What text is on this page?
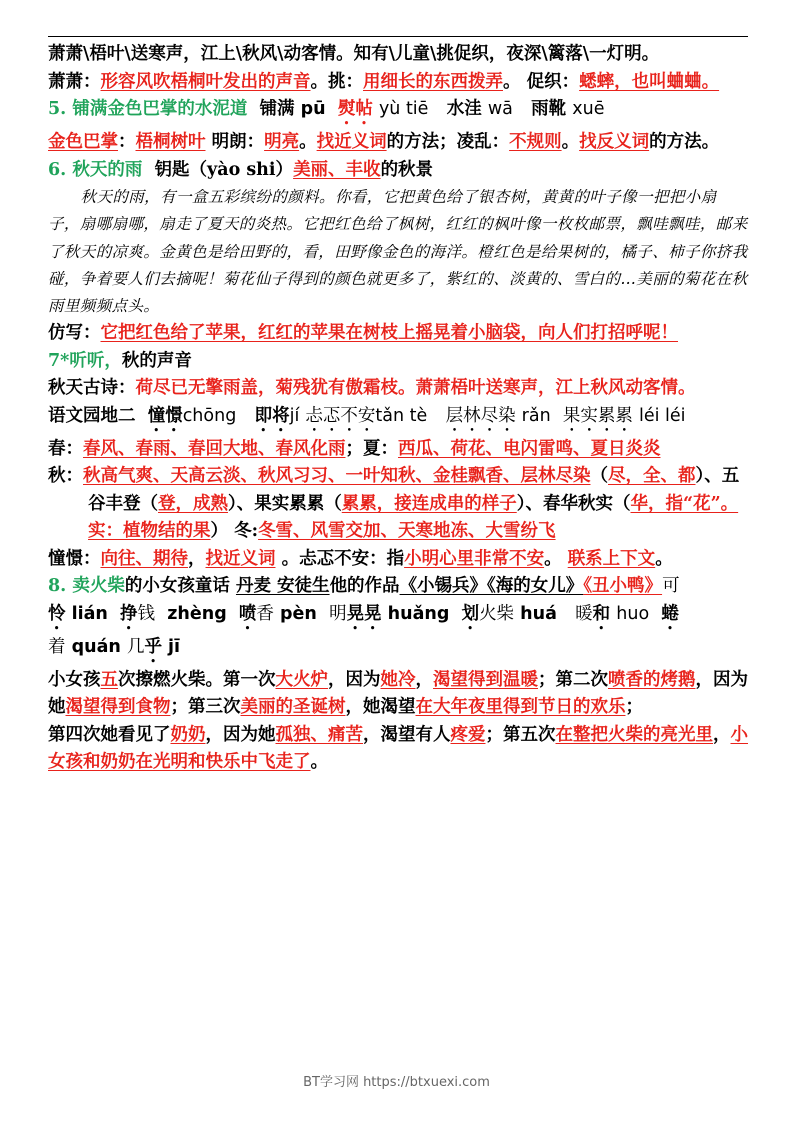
萧萧\梧叶\送寒声，江上\秋风\动客情。知有\儿童\挑促织，夜深\篱落\一灯明。
萧萧：形容风吹梧桐叶发出的声音。挑：用细长的东西拨弄。 促织：蟋蟀，也叫蛐蛐。
5. 铺满金色巴掌的水泥道 铺满 pū 熨帖 yù tiē 水洼 wā 雨靴 xuē
金色巴掌：梧桐树叶 明朗：明亮。找近义词的方法；凌乱：不规则。找反义词的方法。
6. 秋天的雨 钥匙（yào shi）美丽、丰收的秋景
秋天的雨，有一盒五彩缤纷的颜料。你看，它把黄色给了银杏树，黄黄的叶子像一把把小扇子，扇哪扇哪，扇走了夏天的炎热。它把红色给了枫树，红红的枫叶像一枚枚邮票，飘哇飘哇，邮来了秋天的凉爽。金黄色是给田野的，看，田野像金色的海洋。橙红色是给果树的，橘子、柿子你挤我碰，争着要人们去摘呢！菊花仙子得到的颜色就更多了，紫红的、淡黄的、雪白的…美丽的菊花在秋雨里频频点头。
仿写：它把红色给了苹果，红红的苹果在树枝上摇晃着小脑袋，向人们打招呼呢！
7*听听，秋的声音
秋天古诗：荷尽已无擎雨盖，菊残犹有傲霜枝。萧萧梧叶送寒声，江上秋风动客情。
语文园地二 憧憬chōng 即将jí 忐忑不安tǎn tè 层林尽染 rǎn 果实累累 léi léi
春：春风、春雨、春回大地、春风化雨；夏：西瓜、荷花、电闪雷鸣、夏日炎炎
秋：秋高气爽、天高云淡、秋风习习、一叶知秋、金桂飘香、层林尽染（尽，全、都）、五谷丰登（登，成熟）、果实累累（累累，接连成串的样子）、春华秋实（华，指“花”。实：植物结的果） 冬:冬雪、风雪交加、天寒地冻、大雪纷飞
憧憬：向往、期待，找近义词 。忐忑不安：指小明心里非常不安。 联系上下文。
8. 卖火柴的小女孩童话 丹麦 安徒生他的作品《小锡兵》《海的女儿》《丑小鸭》可怜 lián 挣钱 zhèng 喷香 pèn 明晃晃 huǎng 划火柴 huá 暖和 huo 蜷着 quán 几乎 jī
小女孩五次擦燃火柴。第一次大火炉，因为她冷，渴望得到温暖；第二次喷香的烤鹅，因为她渴望得到食物；第三次美丽的圣诞树，她渴望在大年夜里得到节日的欢乐；
第四次她看见了奶奶，因为她孤独、痛苦，渴望有人疼爱；第五次在整把火柴的亮光里，小女孩和奶奶在光明和快乐中飞走了。
BT学习网 https://btxuexi.com
